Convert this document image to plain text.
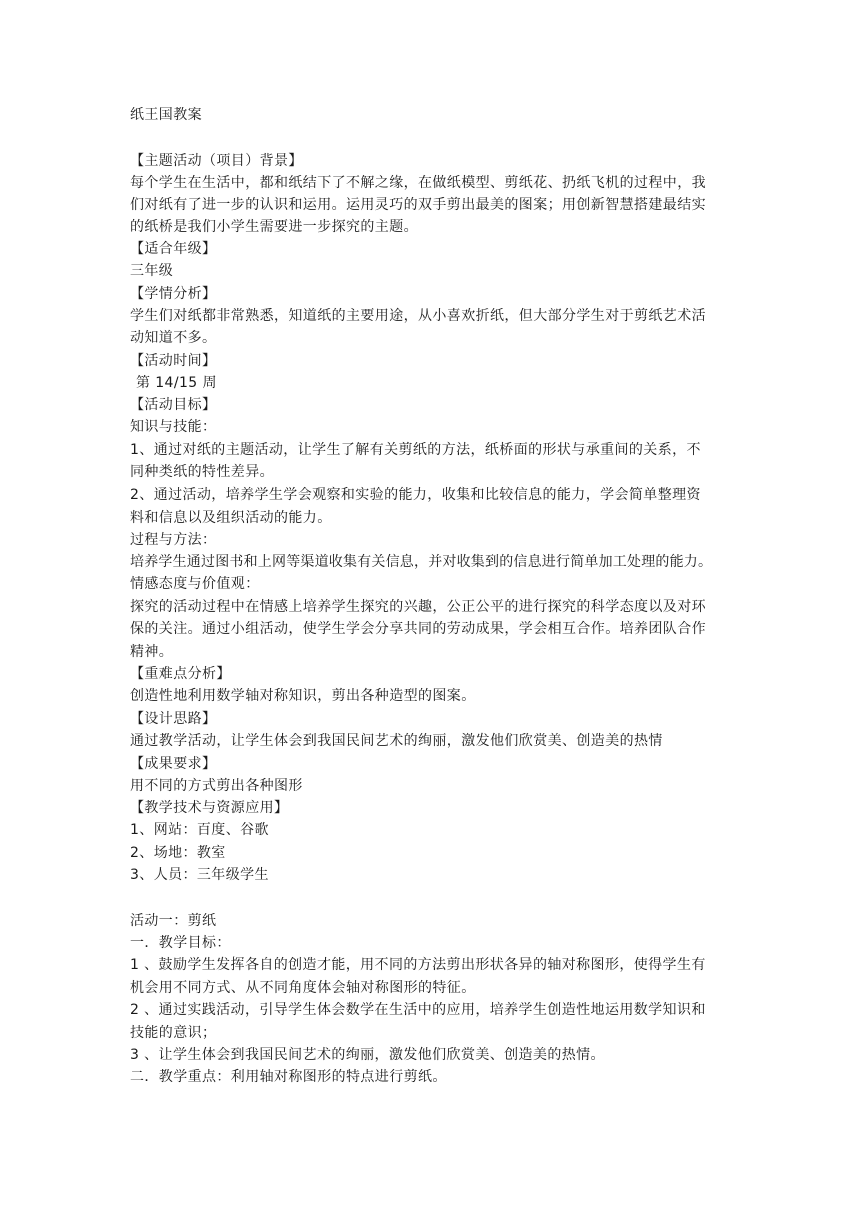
纸王国教案
【主题活动（项目）背景】
每个学生在生活中，都和纸结下了不解之缘，在做纸模型、剪纸花、扔纸飞机的过程中，我
们对纸有了进一步的认识和运用。运用灵巧的双手剪出最美的图案；用创新智慧搭建最结实
的纸桥是我们小学生需要进一步探究的主题。
【适合年级】
三年级
【学情分析】
学生们对纸都非常熟悉，知道纸的主要用途，从小喜欢折纸，但大部分学生对于剪纸艺术活
动知道不多。
【活动时间】
第 14/15 周
【活动目标】
知识与技能：
1、通过对纸的主题活动，让学生了解有关剪纸的方法，纸桥面的形状与承重间的关系，不
同种类纸的特性差异。
2、通过活动，培养学生学会观察和实验的能力，收集和比较信息的能力，学会简单整理资
料和信息以及组织活动的能力。
过程与方法：
培养学生通过图书和上网等渠道收集有关信息，并对收集到的信息进行简单加工处理的能力。
情感态度与价值观：
探究的活动过程中在情感上培养学生探究的兴趣，公正公平的进行探究的科学态度以及对环
保的关注。通过小组活动，使学生学会分享共同的劳动成果，学会相互合作。培养团队合作
精神。
【重难点分析】
创造性地利用数学轴对称知识，剪出各种造型的图案。
【设计思路】
通过教学活动，让学生体会到我国民间艺术的绚丽，激发他们欣赏美、创造美的热情
【成果要求】
用不同的方式剪出各种图形
【教学技术与资源应用】
1、网站：百度、谷歌
2、场地：教室
3、人员：三年级学生
活动一：剪纸
一．教学目标：
1 、鼓励学生发挥各自的创造才能，用不同的方法剪出形状各异的轴对称图形，使得学生有
机会用不同方式、从不同角度体会轴对称图形的特征。
2 、通过实践活动，引导学生体会数学在生活中的应用，培养学生创造性地运用数学知识和
技能的意识；
3 、让学生体会到我国民间艺术的绚丽，激发他们欣赏美、创造美的热情。
二．教学重点：利用轴对称图形的特点进行剪纸。
